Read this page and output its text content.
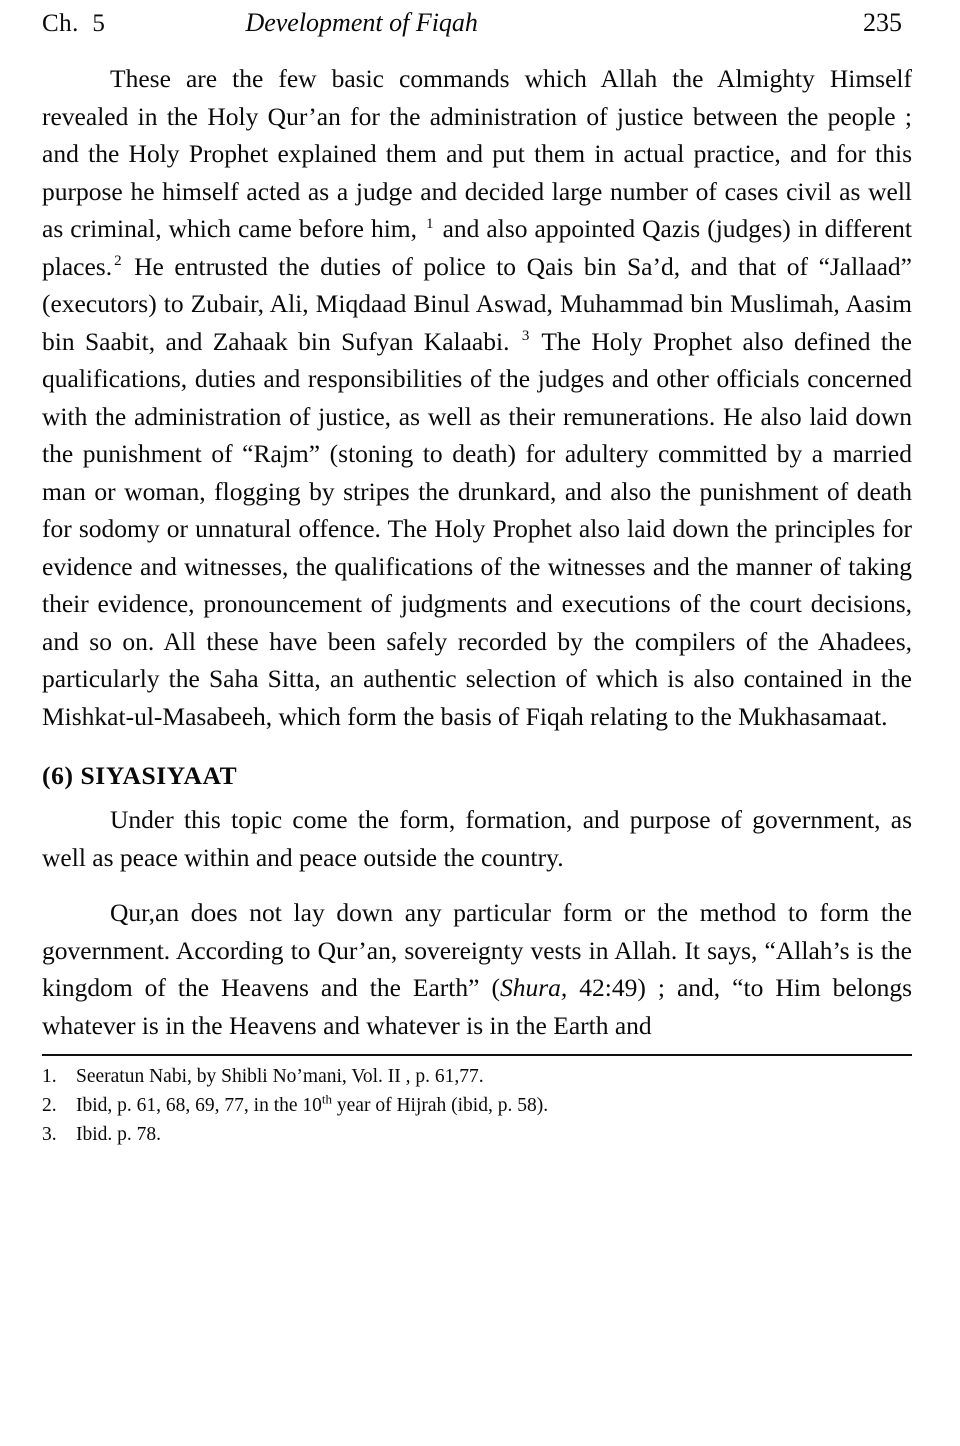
Ch.  5	Development of Fiqah	235

These are the few basic commands which Allah the Almighty Himself revealed in the Holy Qur’an for the administration of justice between the people ; and the Holy Prophet explained them and put them in actual practice, and for this purpose he himself acted as a judge and decided large number of cases civil as well as criminal, which came before him, $^1$ and also appointed Qazis (judges) in different places. $^2$ He entrusted the duties of police to Qais bin Sa’d, and that of “Jallaad” (executors) to Zubair, Ali, Miqdaad Binul Aswad, Muhammad bin Muslimah, Aasim bin Saabit, and Zahaak bin Sufyan Kalaabi. $^3$ The Holy Prophet also defined the qualifications, duties and responsibilities of the judges and other officials concerned with the administration of justice, as well as their remunerations. He also laid down the punishment of “Rajm” (stoning to death) for adultery committed by a married man or woman, flogging by stripes the drunkard, and also the punishment of death for sodomy or unnatural offence. The Holy Prophet also laid down the principles for evidence and witnesses, the qualifications of the witnesses and the manner of taking their evidence, pronouncement of judgments and executions of the court decisions, and so on. All these have been safely recorded by the compilers of the Ahadees, particularly the Saha Sitta, an authentic selection of which is also contained in the Mishkat-ul-Masabeeh, which form the basis of Fiqah relating to the Mukhasamaat.

(6) SIYASIYAAT

Under this topic come the form, formation, and purpose of government, as well as peace within and peace outside the country.

Qur,an does not lay down any particular form or the method to form the government. According to Qur’an, sovereignty vests in Allah. It says, “Allah’s is the kingdom of the Heavens and the Earth” (Shura, 42:49) ; and, “to Him belongs whatever is in the Heavens and whatever is in the Earth and

1. Seeratun Nabi, by Shibli No’mani, Vol. II , p. 61,77.
2. Ibid, p. 61, 68, 69, 77, in the 10th year of Hijrah (ibid, p. 58).
3. Ibid. p. 78.
